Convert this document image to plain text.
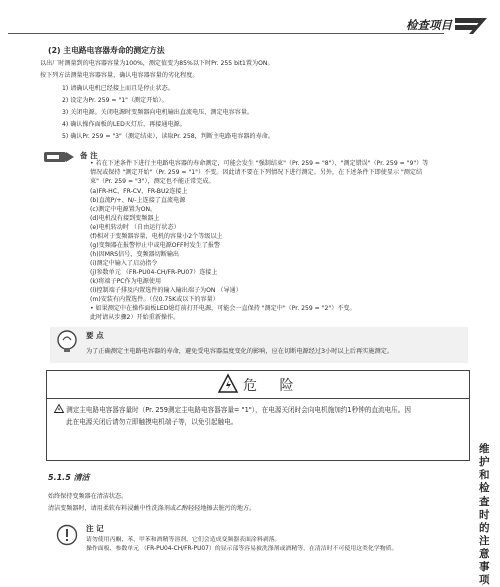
检查项目
(2) 主电路电容器寿命的测定方法
以出厂时测量到的电容器容量为100%，测定值变为85%以下时Pr. 255 bit1置为ON。
按下列方法测量电容器容量，确认电容器容量的劣化程度。
1) 请确认电机已经接上而且是停止状态。
2) 设定为Pr. 259 = "1"（测定开始）。
3) 关闭电源。关闭电源时变频器向电机输出直流电压，测定电容容量。
4) 确认操作面板的LED灭灯后，再接通电源。
5) 确认Pr. 259 = "3"（测定结束），读取Pr. 258，判断主电路电容器的寿命。
备 注
• 若在下述条件下进行主电路电容器的寿命测定，可能会发生 "强制结束"（Pr. 259 = "8"）、"测定错误"（Pr. 259 = "9"）等
情况或保持 "测定开始"（Pr. 259 = "1"）不变。因此请不要在下列情况下进行测定。另外，在下述条件下即使显示 "测定结
束"（Pr. 259 = "3"），测定也不能正常完成。
(a)FR-HC、FR-CV、FR-BU2连接上
(b)直流P/+、N/-上连接了直流电源
(c)测定中电源置为ON。
(d)电机没有接到变频器上
(e)电机转动时 （自由运行状态）
(f)相对于变频器容量，电机的容量小2个等级以上
(g)变频器在报警停止中或电源OFF时发生了报警
(h)因MRS信号，变频器切断输出
(i)测定中输入了启动指令
(j)参数单元 （FR-PU04-CH/FR-PU07）连接上
(k)将端子PC作为电源使用
(l)控制端子排及内置选件的输入输出端子为ON （导通）
(m)安装有内置选件。（仅0.75K或以下的容量）
• 如果测定中在操作面板LED熄灯前打开电源，可能会一直保持 "测定中"（Pr. 259 = "2"）不变。
此时请从步骤2）开始重新操作。
要 点
为了正确测定主电路电容器的寿命，避免受电容器温度变化的影响，应在切断电源经过3小时以上后再实施测定。
危 险
测定主电路电容器容量时（Pr. 259测定主电路电容器容量= "1"），在电源关闭时会向电机施加约1秒钟的直流电压。因
此在电源关闭后请勿立即触摸电机端子等，以免引起触电。
维护和检查时的注意事项
5.1.5 清洁
始终保持变频器在清洁状态。
清洁变频器时，请用柔软布料浸蘸中性洗涤剂或乙醇轻轻地擦去脏污的地方。
注 记
请勿使用丙酮、苯、甲苯和酒精等溶剂，它们会造成变频器表面涂料剥落。
操作面板、参数单元 （FR-PU04-CH/FR-PU07）的显示部等容易被洗涤剂或酒精等，在清洁时不可使用这类化学物质。
